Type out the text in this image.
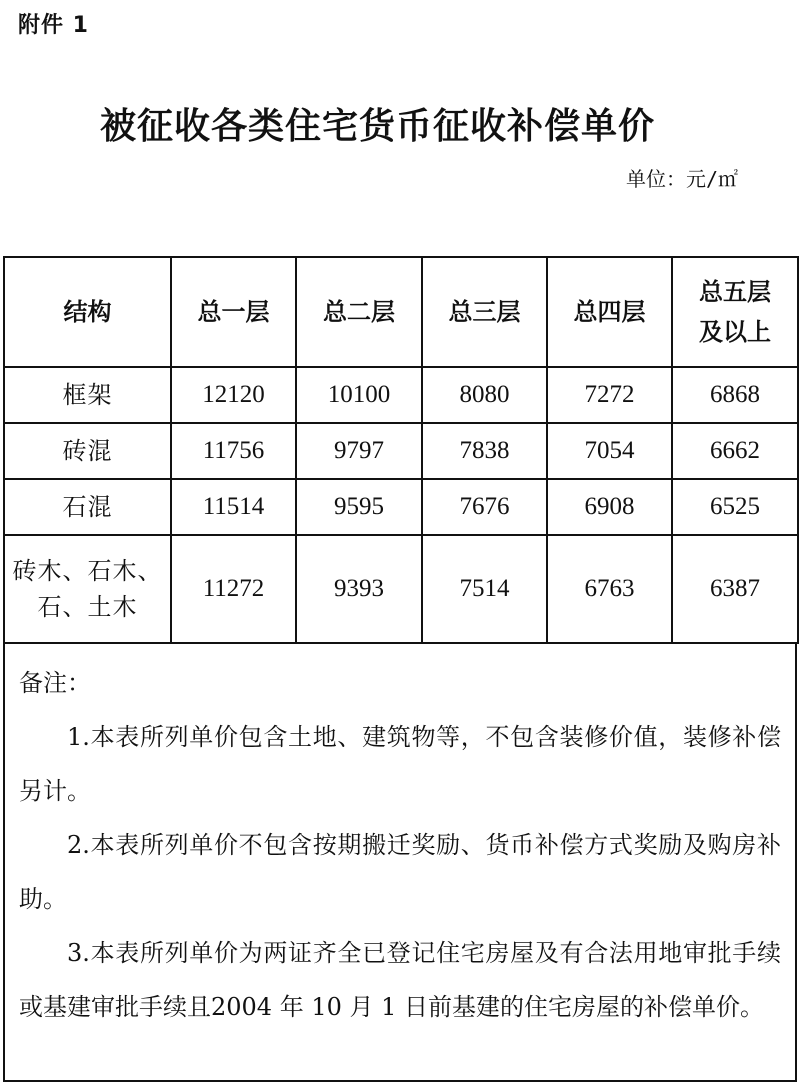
附件 1
被征收各类住宅货币征收补偿单价
单位：元/㎡
结构	总一层	总二层	总三层	总四层	总五层
及以上

框架	12120	10100	8080	7272	6868
砖混	11756	9797	7838	7054	6662
石混	11514	9595	7676	6908	6525

砖木、石木、
石、土木	11272	9393	7514	6763	6387

备注：

1.本表所列单价包含土地、建筑物等，不包含装修价值，装修补偿另计。

2.本表所列单价不包含按期搬迁奖励、货币补偿方式奖励及购房补助。

3.本表所列单价为两证齐全已登记住宅房屋及有合法用地审批手续或基建审批手续且2004 年 10 月 1 日前基建的住宅房屋的补偿单价。
